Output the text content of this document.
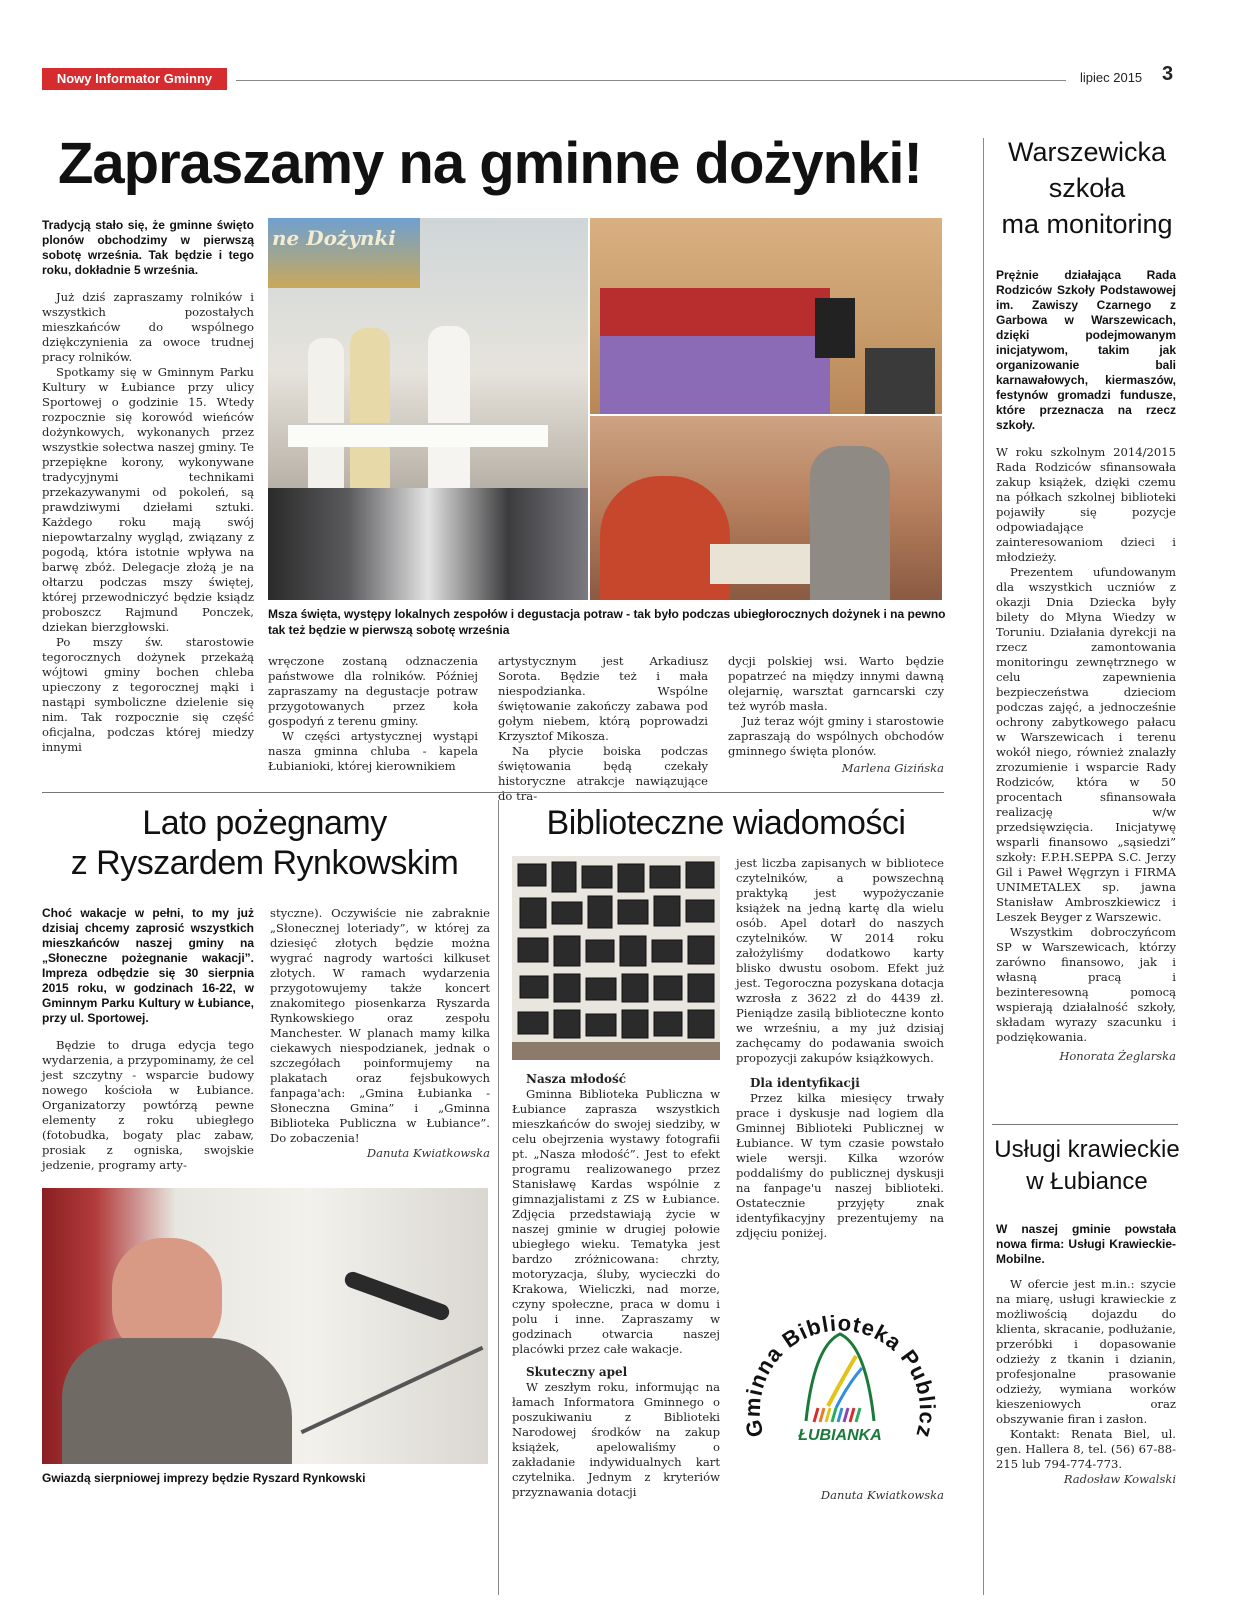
Nowy Informator Gminny	lipiec 2015 3
Zapraszamy na gminne dożynki!
Tradycją stało się, że gminne święto plonów obchodzimy w pierwszą sobotę września. Tak będzie i tego roku, dokładnie 5 września.

Już dziś zapraszamy rolników i wszystkich pozostałych mieszkańców do wspólnego dziękczynienia za owoce trudnej pracy rolników.

Spotkamy się w Gminnym Parku Kultury w Łubiance przy ulicy Sportowej o godzinie 15. Wtedy rozpocznie się korowód wieńców dożynkowych, wykonanych przez wszystkie sołectwa naszej gminy. Te przepiękne korony, wykonywane tradycyjnymi technikami przekazywanymi od pokoleń, są prawdziwymi dziełami sztuki. Każdego roku mają swój niepowtarzalny wygląd, związany z pogodą, która istotnie wpływa na barwę zbóż. Delegacje złożą je na ołtarzu podczas mszy świętej, której przewodniczyć będzie ksiądz proboszcz Rajmund Ponczek, dziekan bierzgłowski.

Po mszy św. starostowie tegorocznych dożynek przekażą wójtowi gminy bochen chleba upieczony z tegorocznej mąki i nastąpi symboliczne dzielenie się nim. Tak rozpocznie się część oficjalna, podczas której miedzy innymi

ne Dożynki
Msza święta, występy lokalnych zespołów i degustacja potraw - tak było podczas ubiegłorocznych dożynek i na pewno tak też będzie w pierwszą sobotę września

wręczone zostaną odznaczenia państwowe dla rolników. Później zapraszamy na degustacje potraw przygotowanych przez koła gospodyń z terenu gminy.

W części artystycznej wystąpi nasza gminna chluba - kapela Łubianioki, której kierownikiem

artystycznym jest Arkadiusz Sorota. Będzie też i mała niespodzianka. Wspólne świętowanie zakończy zabawa pod gołym niebem, którą poprowadzi Krzysztof Mikosza.

Na płycie boiska podczas świętowania będą czekały historyczne atrakcje nawiązujące do tra-

dycji polskiej wsi. Warto będzie popatrzeć na między innymi dawną olejarnię, warsztat garncarski czy też wyrób masła.

Już teraz wójt gminy i starostowie zapraszają do wspólnych obchodów gminnego święta plonów.

Marlena Gizińska
Lato pożegnamy
z Ryszardem Rynkowskim
Choć wakacje w pełni, to my już dzisiaj chcemy zaprosić wszystkich mieszkańców naszej gminy na „Słoneczne pożegnanie wakacji”. Impreza odbędzie się 30 sierpnia 2015 roku, w godzinach 16-22, w Gminnym Parku Kultury w Łubiance, przy ul. Sportowej.

Będzie to druga edycja tego wydarzenia, a przypominamy, że cel jest szczytny - wsparcie budowy nowego kościoła w Łubiance. Organizatorzy powtórzą pewne elementy z roku ubiegłego (fotobudka, bogaty plac zabaw, prosiak z ogniska, swojskie jedzenie, programy arty-

styczne). Oczywiście nie zabraknie „Słonecznej loteriady”, w której za dziesięć złotych będzie można wygrać nagrody wartości kilkuset złotych. W ramach wydarzenia przygotowujemy także koncert znakomitego piosenkarza Ryszarda Rynkowskiego oraz zespołu Manchester. W planach mamy kilka ciekawych niespodzianek, jednak o szczegółach poinformujemy na plakatach oraz fejsbukowych fanpaga'ach: „Gmina Łubianka - Słoneczna Gmina” i „Gminna Biblioteka Publiczna w Łubiance”. Do zobaczenia!

Danuta Kwiatkowska
Gwiazdą sierpniowej imprezy będzie Ryszard Rynkowski
Biblioteczne wiadomości
Nasza młodość

Gminna Biblioteka Publiczna w Łubiance zaprasza wszystkich mieszkańców do swojej siedziby, w celu obejrzenia wystawy fotografii pt. „Nasza młodość”. Jest to efekt programu realizowanego przez Stanisławę Kardas wspólnie z gimnazjalistami z ZS w Łubiance. Zdjęcia przedstawiają życie w naszej gminie w drugiej połowie ubiegłego wieku. Tematyka jest bardzo zróżnicowana: chrzty, motoryzacja, śluby, wycieczki do Krakowa, Wieliczki, nad morze, czyny społeczne, praca w domu i polu i inne. Zapraszamy w godzinach otwarcia naszej placówki przez całe wakacje.

Skuteczny apel

W zeszłym roku, informując na łamach Informatora Gminnego o poszukiwaniu z Biblioteki Narodowej środków na zakup książek, apelowaliśmy o zakładanie indywidualnych kart czytelnika. Jednym z kryteriów przyznawania dotacji

jest liczba zapisanych w bibliotece czytelników, a powszechną praktyką jest wypożyczanie książek na jedną kartę dla wielu osób. Apel dotarł do naszych czytelników. W 2014 roku założyliśmy dodatkowo karty blisko dwustu osobom. Efekt już jest. Tegoroczna pozyskana dotacja wzrosła z 3622 zł do 4439 zł. Pieniądze zasilą biblioteczne konto we wrześniu, a my już dzisiaj zachęcamy do podawania swoich propozycji zakupów książkowych.

Dla identyfikacji

Przez kilka miesięcy trwały prace i dyskusje nad logiem dla Gminnej Biblioteki Publicznej w Łubiance. W tym czasie powstało wiele wersji. Kilka wzorów poddaliśmy do publicznej dyskusji na fanpage'u naszej biblioteki. Ostatecznie przyjęty znak identyfikacyjny prezentujemy na zdjęciu poniżej.

inna Biblioteka Pub z
ŁUBIANKA
Danuta Kwiatkowska
Warszewicka
szkoła
ma monitoring
Prężnie działająca Rada Rodziców Szkoły Podstawowej im. Zawiszy Czarnego z Garbowa w Warszewicach, dzięki podejmowanym inicjatywom, takim jak organizowanie bali karnawałowych, kiermaszów, festynów gromadzi fundusze, które przeznacza na rzecz szkoły.

W roku szkolnym 2014/2015 Rada Rodziców sfinansowała zakup książek, dzięki czemu na półkach szkolnej biblioteki pojawiły się pozycje odpowiadające zainteresowaniom dzieci i młodzieży.

Prezentem ufundowanym dla wszystkich uczniów z okazji Dnia Dziecka były bilety do Młyna Wiedzy w Toruniu. Działania dyrekcji na rzecz zamontowania monitoringu zewnętrznego w celu zapewnienia bezpieczeństwa dzieciom podczas zajęć, a jednocześnie ochrony zabytkowego pałacu w Warszewicach i terenu wokół niego, również znalazły zrozumienie i wsparcie Rady Rodziców, która w 50 procentach sfinansowała realizację w/w przedsięwzięcia. Inicjatywę wsparli finansowo „sąsiedzi” szkoły: F.P.H.SEPPA S.C. Jerzy Gil i Paweł Węgrzyn i FIRMA UNIMETALEX sp. jawna Stanisław Ambroszkiewicz i Leszek Beyger z Warszewic.

Wszystkim dobroczyńcom SP w Warszewicach, którzy zarówno finansowo, jak i własną pracą i bezinteresowną pomocą wspierają działalność szkoły, składam wyrazy szacunku i podziękowania.

Honorata Żeglarska
Usługi krawieckie
w Łubiance
W naszej gminie powstała nowa firma: Usługi Krawieckie-Mobilne.

W ofercie jest m.in.: szycie na miarę, usługi krawieckie z możliwością dojazdu do klienta, skracanie, podłużanie, przeróbki i dopasowanie odzieży z tkanin i dzianin, profesjonalne prasowanie odzieży, wymiana worków kieszeniowych oraz obszywanie firan i zasłon.

Kontakt: Renata Biel, ul. gen. Hallera 8, tel. (56) 67-88-215 lub 794-774-773.

Radosław Kowalski
